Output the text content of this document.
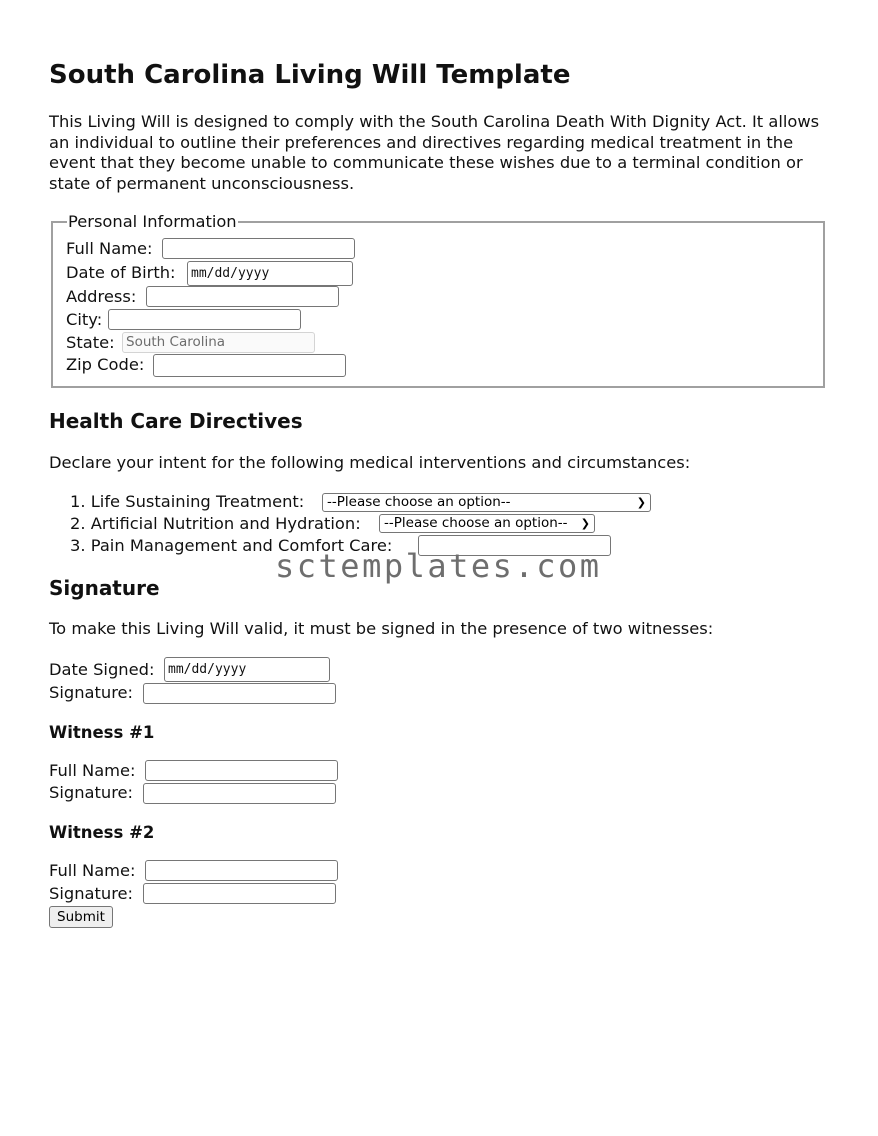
South Carolina Living Will Template

This Living Will is designed to comply with the South Carolina Death With Dignity Act. It allows an individual to outline their preferences and directives regarding medical treatment in the event that they become unable to communicate these wishes due to a terminal condition or state of permanent unconsciousness.

Personal Information
Full Name:
Date of Birth:	mm/dd/yyyy
Address:
City:
State: South Carolina
Zip Code:
Health Care Directives

Declare your intent for the following medical interventions and circumstances:

1. Life Sustaining Treatment:	--Please choose an option--	❯
2. Artificial Nutrition and Hydration:	--Please choose an option-- ❯
3. Pain Management and Comfort Care:
Signature

To make this Living Will valid, it must be signed in the presence of two witnesses:

Date Signed:	mm/dd/yyyy
Signature:
Witness #1
Full Name:
Signature:
Witness #2
Full Name:
Signature:
Submit
sctemplates.com
